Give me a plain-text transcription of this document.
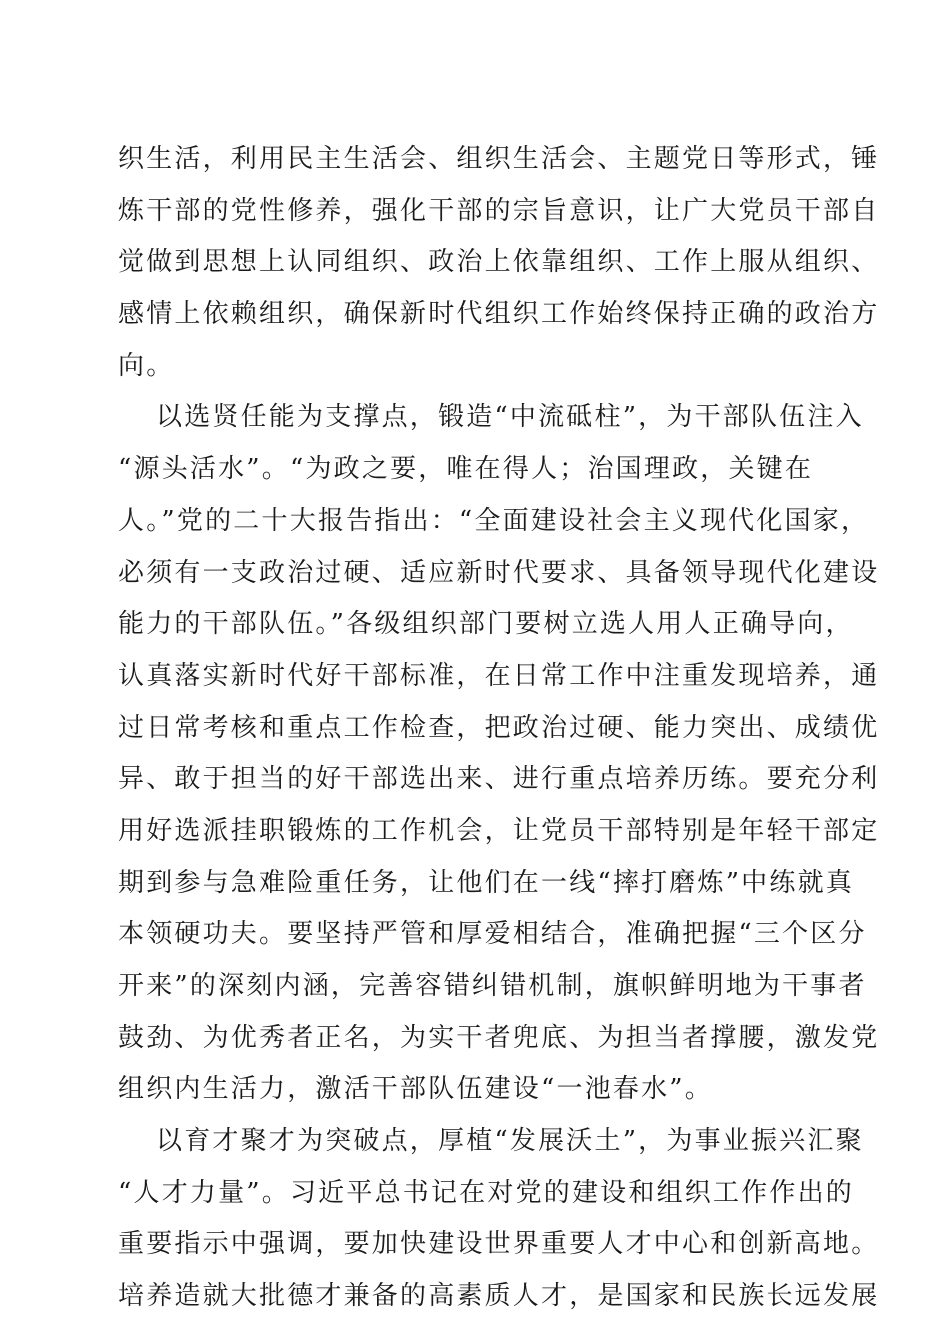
织生活，利用民主生活会、组织生活会、主题党日等形式，锤
炼干部的党性修养，强化干部的宗旨意识，让广大党员干部自
觉做到思想上认同组织、政治上依靠组织、工作上服从组织、
感情上依赖组织，确保新时代组织工作始终保持正确的政治方
向。
以选贤任能为支撑点，锻造“中流砥柱”，为干部队伍注入
“源头活水”。“为政之要，唯在得人；治国理政，关键在
人。”党的二十大报告指出：“全面建设社会主义现代化国家，
必须有一支政治过硬、适应新时代要求、具备领导现代化建设
能力的干部队伍。”各级组织部门要树立选人用人正确导向，
认真落实新时代好干部标准，在日常工作中注重发现培养，通
过日常考核和重点工作检查，把政治过硬、能力突出、成绩优
异、敢于担当的好干部选出来、进行重点培养历练。要充分利
用好选派挂职锻炼的工作机会，让党员干部特别是年轻干部定
期到参与急难险重任务，让他们在一线“摔打磨炼”中练就真
本领硬功夫。要坚持严管和厚爱相结合，准确把握“三个区分
开来”的深刻内涵，完善容错纠错机制，旗帜鲜明地为干事者
鼓劲、为优秀者正名，为实干者兜底、为担当者撑腰，激发党
组织内生活力，激活干部队伍建设“一池春水”。
以育才聚才为突破点，厚植“发展沃土”，为事业振兴汇聚
“人才力量”。习近平总书记在对党的建设和组织工作作出的
重要指示中强调，要加快建设世界重要人才中心和创新高地。
培养造就大批德才兼备的高素质人才，是国家和民族长远发展
